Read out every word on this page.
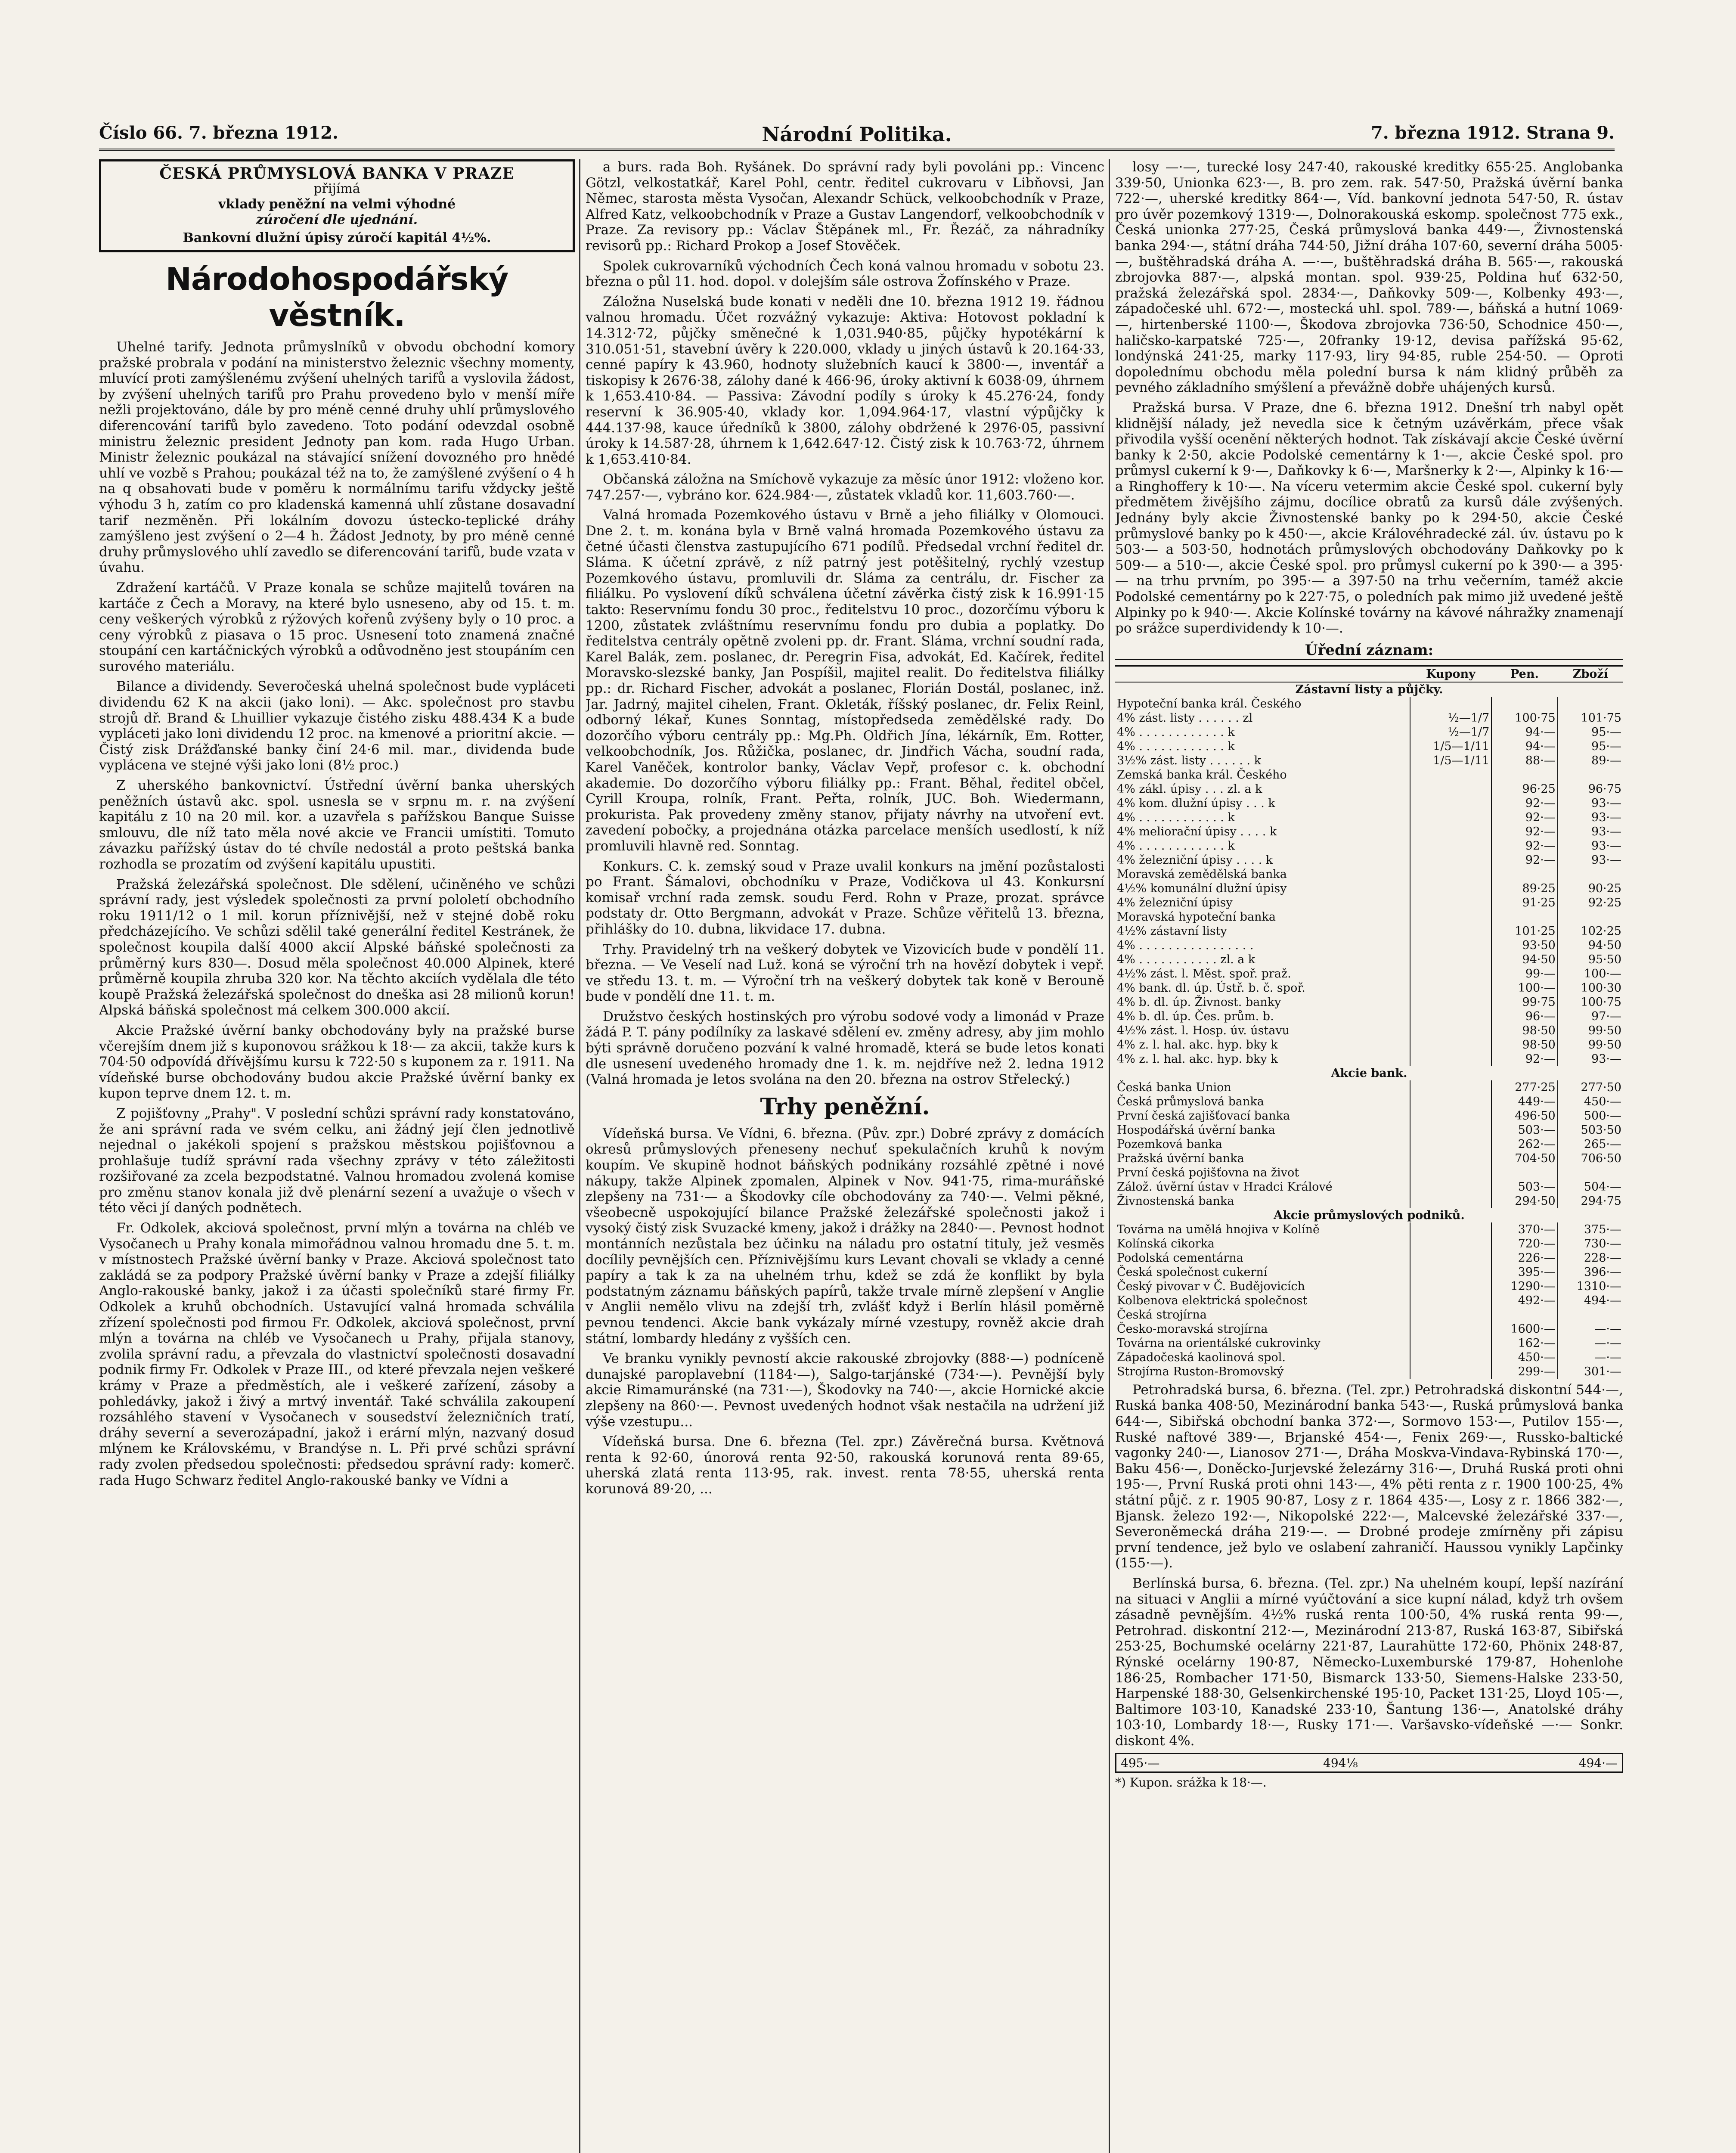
Číslo 66. 7. března 1912.	Národní Politika.	7. března 1912. Strana 9.
ČESKÁ PRŮMYSLOVÁ BANKA V PRAZE
přijímá
vklady peněžní na velmi výhodné
zúročení dle ujednání.
Bankovní dlužní úpisy zúročí kapitál 4½%.
Národohospodářský věstník.

Uhelné tarify. Jednota průmyslníků v obvodu obchodní komory pražské probrala v podání na ministerstvo železnic všechny momenty, mluvící proti zamýšlenému zvýšení uhelných tarifů a vyslovila žádost, by zvýšení uhelných tarifů pro Prahu provedeno bylo v menší míře nežli projektováno, dále by pro méně cenné druhy uhlí průmyslového diferencování tarifů bylo zavedeno. Toto podání odevzdal osobně ministru železnic president Jednoty pan kom. rada Hugo Urban. Ministr železnic poukázal na stávající snížení dovozného pro hnědé uhlí ve vozbě s Prahou; poukázal též na to, že zamýšlené zvýšení o 4 h na q obsahovati bude v poměru k normálnímu tarifu vždycky ještě výhodu 3 h, zatím co pro kladenská kamenná uhlí zůstane dosavadní tarif nezměněn. Při lokálním dovozu ústecko-teplické dráhy zamýšleno jest zvýšení o 2—4 h. Žádost Jednoty, by pro méně cenné druhy průmyslového uhlí zavedlo se diferencování tarifů, bude vzata v úvahu.

Zdražení kartáčů. V Praze konala se schůze majitelů továren na kartáče z Čech a Moravy, na které bylo usneseno, aby od 15. t. m. ceny veškerých výrobků z rýžových kořenů zvýšeny byly o 10 proc. a ceny výrobků z piasava o 15 proc. Usnesení toto znamená značné stoupání cen kartáčnických výrobků a odůvodněno jest stoupáním cen surového materiálu.

Bilance a dividendy. Severočeská uhelná společnost bude vypláceti dividendu 62 K na akcii (jako loni). — Akc. společnost pro stavbu strojů dř. Brand & Lhuillier vykazuje čistého zisku 488.434 K a bude vypláceti jako loni dividendu 12 proc. na kmenové a prioritní akcie. — Čistý zisk Drážďanské banky činí 24·6 mil. mar., dividenda bude vyplácena ve stejné výši jako loni (8½ proc.)

Z uherského bankovnictví. Ústřední úvěrní banka uherských peněžních ústavů akc. spol. usnesla se v srpnu m. r. na zvýšení kapitálu z 10 na 20 mil. kor. a uzavřela s pařížskou Banque Suisse smlouvu, dle níž tato měla nové akcie ve Francii umístiti. Tomuto závazku pařížský ústav do té chvíle nedostál a proto peštská banka rozhodla se prozatím od zvýšení kapitálu upustiti.

Pražská železářská společnost. Dle sdělení, učiněného ve schůzi správní rady, jest výsledek společnosti za první pololetí obchodního roku 1911/12 o 1 mil. korun příznivější, než v stejné době roku předcházejícího. Ve schůzi sdělil také generální ředitel Kestránek, že společnost koupila další 4000 akcií Alpské báňské společnosti za průměrný kurs 830—. Dosud měla společnost 40.000 Alpinek, které průměrně koupila zhruba 320 kor. Na těchto akciích vydělala dle této koupě Pražská železářská společnost do dneška asi 28 milionů korun! Alpská báňská společnost má celkem 300.000 akcií.

Akcie Pražské úvěrní banky obchodovány byly na pražské burse včerejším dnem již s kuponovou srážkou k 18·— za akcii, takže kurs k 704·50 odpovídá dřívějšímu kursu k 722·50 s kuponem za r. 1911. Na vídeňské burse obchodovány budou akcie Pražské úvěrní banky ex kupon teprve dnem 12. t. m.

Z pojišťovny „Prahy". V poslední schůzi správní rady konstatováno, že ani správní rada ve svém celku, ani žádný její člen jednotlivě nejednal o jakékoli spojení s pražskou městskou pojišťovnou a prohlašuje tudíž správní rada všechny zprávy v této záležitosti rozšiřované za zcela bezpodstatné. Valnou hromadou zvolená komise pro změnu stanov konala již dvě plenární sezení a uvažuje o všech v této věci jí daných podnětech.

Fr. Odkolek, akciová společnost, první mlýn a továrna na chléb ve Vysočanech u Prahy konala mimořádnou valnou hromadu dne 5. t. m. v místnostech Pražské úvěrní banky v Praze. Akciová společnost tato zakládá se za podpory Pražské úvěrní banky v Praze a zdejší filiálky Anglo-rakouské banky, jakož i za účasti společníků staré firmy Fr. Odkolek a kruhů obchodních. Ustavující valná hromada schválila zřízení společnosti pod firmou Fr. Odkolek, akciová společnost, první mlýn a továrna na chléb ve Vysočanech u Prahy, přijala stanovy, zvolila správní radu, a převzala do vlastnictví společnosti dosavadní podnik firmy Fr. Odkolek v Praze III., od které převzala nejen veškeré krámy v Praze a předměstích, ale i veškeré zařízení, zásoby a pohledávky, jakož i živý a mrtvý inventář. Také schválila zakoupení rozsáhlého stavení v Vysočanech v sousedství železničních tratí, dráhy severní a severozápadní, jakož i erární mlýn, nazvaný dosud mlýnem ke Královskému, v Brandýse n. L. Při prvé schůzi správní rady zvolen předsedou společnosti: předsedou správní rady: komerč. rada Hugo Schwarz ředitel Anglo-rakouské banky ve Vídni a

a burs. rada Boh. Ryšánek. Do správní rady byli povoláni pp.: Vincenc Götzl, velkostatkář, Karel Pohl, centr. ředitel cukrovaru v Libňovsi, Jan Němec, starosta města Vysočan, Alexandr Schück, velkoobchodník v Praze, Alfred Katz, velkoobchodník v Praze a Gustav Langendorf, velkoobchodník v Praze. Za revisory pp.: Václav Štěpánek ml., Fr. Řezáč, za náhradníky revisorů pp.: Richard Prokop a Josef Stověček.

Spolek cukrovarníků východních Čech koná valnou hromadu v sobotu 23. března o půl 11. hod. dopol. v dolejším sále ostrova Žofínského v Praze.

Záložna Nuselská bude konati v neděli dne 10. března 1912 19. řádnou valnou hromadu. Účet rozvážný vykazuje: Aktiva: Hotovost pokladní k 14.312·72, půjčky směnečné k 1,031.940·85, půjčky hypotékární k 310.051·51, stavební úvěry k 220.000, vklady u jiných ústavů k 20.164·33, cenné papíry k 43.960, hodnoty služebních kaucí k 3800·—, inventář a tiskopisy k 2676·38, zálohy dané k 466·96, úroky aktivní k 6038·09, úhrnem k 1,653.410·84. — Passiva: Závodní podíly s úroky k 45.276·24, fondy reservní k 36.905·40, vklady kor. 1,094.964·17, vlastní výpůjčky k 444.137·98, kauce úředníků k 3800, zálohy obdržené k 2976·05, passivní úroky k 14.587·28, úhrnem k 1,642.647·12. Čistý zisk k 10.763·72, úhrnem k 1,653.410·84.

Občanská záložna na Smíchově vykazuje za měsíc únor 1912: vloženo kor. 747.257·—, vybráno kor. 624.984·—, zůstatek vkladů kor. 11,603.760·—.

Valná hromada Pozemkového ústavu v Brně a jeho filiálky v Olomouci. Dne 2. t. m. konána byla v Brně valná hromada Pozemkového ústavu za četné účasti členstva zastupujícího 671 podílů. Předsedal vrchní ředitel dr. Sláma. K účetní zprávě, z níž patrný jest potěšitelný, rychlý vzestup Pozemkového ústavu, promluvili dr. Sláma za centrálu, dr. Fischer za filiálku. Po vyslovení díků schválena účetní závěrka čistý zisk k 16.991·15 takto: Reservnímu fondu 30 proc., ředitelstvu 10 proc., dozorčímu výboru k 1200, zůstatek zvláštnímu reservnímu fondu pro dubia a poplatky. Do ředitelstva centrály opětně zvoleni pp. dr. Frant. Sláma, vrchní soudní rada, Karel Balák, zem. poslanec, dr. Peregrin Fisa, advokát, Ed. Kačírek, ředitel Moravsko-slezské banky, Jan Pospíšil, majitel realit. Do ředitelstva filiálky pp.: dr. Richard Fischer, advokát a poslanec, Florián Dostál, poslanec, inž. Jar. Jadrný, majitel cihelen, Frant. Okleták, říšský poslanec, dr. Felix Reinl, odborný lékař, Kunes Sonntag, místopředseda zemědělské rady. Do dozorčího výboru centrály pp.: Mg.Ph. Oldřich Jína, lékárník, Em. Rotter, velkoobchodník, Jos. Růžička, poslanec, dr. Jindřich Vácha, soudní rada, Karel Vaněček, kontrolor banky, Václav Vepř, profesor c. k. obchodní akademie. Do dozorčího výboru filiálky pp.: Frant. Běhal, ředitel občel, Cyrill Kroupa, rolník, Frant. Peřta, rolník, JUC. Boh. Wiedermann, prokurista. Pak provedeny změny stanov, přijaty návrhy na utvoření evt. zavedení pobočky, a projednána otázka parcelace menších usedlostí, k níž promluvili hlavně red. Sonntag.

Konkurs. C. k. zemský soud v Praze uvalil konkurs na jmění pozůstalosti po Frant. Šámalovi, obchodníku v Praze, Vodičkova ul 43. Konkursní komisař vrchní rada zemsk. soudu Ferd. Rohn v Praze, prozat. správce podstaty dr. Otto Bergmann, advokát v Praze. Schůze věřitelů 13. března, přihlášky do 10. dubna, likvidace 17. dubna.

Trhy. Pravidelný trh na veškerý dobytek ve Vizovicích bude v pondělí 11. března. — Ve Veselí nad Luž. koná se výroční trh na hovězí dobytek i vepř. ve středu 13. t. m. — Výroční trh na veškerý dobytek tak koně v Berouně bude v pondělí dne 11. t. m.

Družstvo českých hostinských pro výrobu sodové vody a limonád v Praze žádá P. T. pány podílníky za laskavé sdělení ev. změny adresy, aby jim mohlo býti správně doručeno pozvání k valné hromadě, která se bude letos konati dle usnesení uvedeného hromady dne 1. k. m. nejdříve než 2. ledna 1912 (Valná hromada je letos svolána na den 20. března na ostrov Střelecký.)

Trhy peněžní.

Vídeňská bursa. Ve Vídni, 6. března. (Pův. zpr.) Dobré zprávy z domácích okresů průmyslových přeneseny nechuť spekulačních kruhů k novým koupím. Ve skupině hodnot báňských podnikány rozsáhlé zpětné i nové nákupy, takže Alpinek zpomalen, Alpinek v Nov. 941·75, rima-muráňské zlepšeny na 731·— a Škodovky cíle obchodovány za 740·—. Velmi pěkné, všeobecně uspokojující bilance Pražské železářské společnosti jakož i vysoký čistý zisk Svuzacké kmeny, jakož i drážky na 2840·—. Pevnost hodnot montánních nezůstala bez účinku na náladu pro ostatní tituly, jež vesměs docílily pevnějších cen. Příznivějšímu kurs Levant chovali se vklady a cenné papíry a tak k za na uhelném trhu, kdež se zdá že konflikt by byla podstatným záznamu báňských papírů, takže trvale mírně zlepšení v Anglie v Anglii nemělo vlivu na zdejší trh, zvlášť když i Berlín hlásil poměrně pevnou tendenci. Akcie bank vykázaly mírné vzestupy, rovněž akcie drah státní, lombardy hledány z vyšších cen.

Ve branku vynikly pevností akcie rakouské zbrojovky (888·—) podníceně dunajské paroplavební (1184·—), Salgo-tarjánské (734·—). Pevnější byly akcie Rimamuránské (na 731·—), Škodovky na 740·—, akcie Hornické akcie zlepšeny na 860·—. Pevnost uvedených hodnot však nestačila na udržení již výše vzestupu...

Vídeňská bursa. Dne 6. března (Tel. zpr.) Závěrečná bursa. Květnová renta k 92·60, únorová renta 92·50, rakouská korunová renta 89·65, uherská zlatá renta 113·95, rak. invest. renta 78·55, uherská renta korunová 89·20, ...

losy —·—, turecké losy 247·40, rakouské kreditky 655·25. Anglobanka 339·50, Unionka 623·—, B. pro zem. rak. 547·50, Pražská úvěrní banka 722·—, uherské kreditky 864·—, Víd. bankovní jednota 547·50, R. ústav pro úvěr pozemkový 1319·—, Dolnorakouská eskomp. společnost 775 exk., Česká unionka 277·25, Česká průmyslová banka 449·—, Živnostenská banka 294·—, státní dráha 744·50, Jižní dráha 107·60, severní dráha 5005·—, buštěhradská dráha A. —·—, buštěhradská dráha B. 565·—, rakouská zbrojovka 887·—, alpská montan. spol. 939·25, Poldina huť 632·50, pražská železářská spol. 2834·—, Daňkovky 509·—, Kolbenky 493·—, západočeské uhl. 672·—, mostecká uhl. spol. 789·—, báňská a hutní 1069·—, hirtenberské 1100·—, Škodova zbrojovka 736·50, Schodnice 450·—, haličsko-karpatské 725·—, 20franky 19·12, devisa pařížská 95·62, londýnská 241·25, marky 117·93, liry 94·85, ruble 254·50. — Oproti dopolednímu obchodu měla polední bursa k nám klidný průběh za pevného základního smýšlení a převážně dobře uhájených kursů.

Pražská bursa. V Praze, dne 6. března 1912. Dnešní trh nabyl opět klidnější nálady, jež nevedla sice k četným uzávěrkám, přece však přivodila vyšší ocenění některých hodnot. Tak získávají akcie České úvěrní banky k 2·50, akcie Podolské cementárny k 1·—, akcie České spol. pro průmysl cukerní k 9·—, Daňkovky k 6·—, Maršnerky k 2·—, Alpinky k 16·— a Ringhoffery k 10·—. Na víceru vetermim akcie České spol. cukerní byly předmětem živějšího zájmu, docílice obratů za kursů dále zvýšených. Jednány byly akcie Živnostenské banky po k 294·50, akcie České průmyslové banky po k 450·—, akcie Královéhradecké zál. úv. ústavu po k 503·— a 503·50, hodnotách průmyslových obchodovány Daňkovky po k 509·— a 510·—, akcie České spol. pro průmysl cukerní po k 390·— a 395·— na trhu prvním, po 395·— a 397·50 na trhu večerním, taméž akcie Podolské cementárny po k 227·75, o poledních pak mimo již uvedené ještě Alpinky po k 940·—. Akcie Kolínské továrny na kávové náhražky znamenají po srážce superdividendy k 10·—.

Úřední záznam:
	Kupony	Pen.	Zboží
Zástavní listy a půjčky.			
Hypoteční banka král. Českého			
4% zást. listy . . . . . . zl	½—1/7	100·75	101·75
4% . . . . . . . . . . . . k	½—1/7	94·—	95·—
4% . . . . . . . . . . . . k	1/5—1/11	94·—	95·—
3½% zást. listy . . . . . . k	1/5—1/11	88·—	89·—
Zemská banka král. Českého			
4% zákl. úpisy . . . zl. a k		96·25	96·75
4% kom. dlužní úpisy . . . k		92·—	93·—
4% . . . . . . . . . . . . k		92·—	93·—
4% meliorační úpisy . . . . k		92·—	93·—
4% . . . . . . . . . . . . k		92·—	93·—
4% železniční úpisy . . . . k		92·—	93·—
Moravská zemědělská banka			
4½% komunální dlužní úpisy		89·25	90·25
4% železniční úpisy		91·25	92·25
Moravská hypoteční banka			
4½% zástavní listy		101·25	102·25
4% . . . . . . . . . . . . . . . .		93·50	94·50
4% . . . . . . . . . . . zl. a k		94·50	95·50
4½% zást. l. Měst. spoř. praž.		99·—	100·—
4% bank. dl. úp. Ústř. b. č. spoř.		100·—	100·30
4% b. dl. úp. Živnost. banky		99·75	100·75
4% b. dl. úp. Čes. prům. b.		96·—	97·—
4½% zást. l. Hosp. úv. ústavu		98·50	99·50
4% z. l. hal. akc. hyp. bky k		98·50	99·50
4% z. l. hal. akc. hyp. bky k		92·—	93·—
Akcie bank.			
Česká banka Union		277·25	277·50
Česká průmyslová banka		449·—	450·—
První česká zajišťovací banka		496·50	500·—
Hospodářská úvěrní banka		503·—	503·50
Pozemková banka		262·—	265·—
Pražská úvěrní banka		704·50	706·50
První česká pojišťovna na život			
Zálož. úvěrní ústav v Hradci Králové		503·—	504·—
Živnostenská banka		294·50	294·75
Akcie průmyslových podniků.			
Továrna na umělá hnojiva v Kolíně		370·—	375·—
Kolínská cikorka		720·—	730·—
Podolská cementárna		226·—	228·—
Česká společnost cukerní		395·—	396·—
Český pivovar v Č. Budějovicích		1290·—	1310·—
Kolbenova elektrická společnost		492·—	494·—
Česká strojírna			
Česko-moravská strojírna		1600·—	—·—
Továrna na orientálské cukrovinky		162·—	—·—
Západočeská kaolinová spol.		450·—	—·—
Strojírna Ruston-Bromovský		299·—	301·—

Petrohradská bursa, 6. března. (Tel. zpr.) Petrohradská diskontní 544·—, Ruská banka 408·50, Mezinárodní banka 543·—, Ruská průmyslová banka 644·—, Sibiřská obchodní banka 372·—, Sormovo 153·—, Putilov 155·—, Ruské naftové 389·—, Brjanské 454·—, Fenix 269·—, Russko-baltické vagonky 240·—, Lianosov 271·—, Dráha Moskva-Vindava-Rybinská 170·—, Baku 456·—, Doněcko-Jurjevské železárny 316·—, Druhá Ruská proti ohni 195·—, První Ruská proti ohni 143·—, 4% pěti renta z r. 1900 100·25, 4% státní půjč. z r. 1905 90·87, Losy z r. 1864 435·—, Losy z r. 1866 382·—, Bjansk. železo 192·—, Nikopolské 222·—, Malcevské železářské 337·—, Severoněmecká dráha 219·—. — Drobné prodeje zmírněny při zápisu první tendence, jež bylo ve oslabení zahraničí. Haussou vynikly Lapčinky (155·—).

Berlínská bursa, 6. března. (Tel. zpr.) Na uhelném koupí, lepší nazírání na situaci v Anglii a mírné vyúčtování a sice kupní nálad, když trh ovšem zásadně pevnějším. 4½% ruská renta 100·50, 4% ruská renta 99·—, Petrohrad. diskontní 212·—, Mezinárodní 213·87, Ruská 163·87, Sibiřská 253·25, Bochumské ocelárny 221·87, Laurahütte 172·60, Phönix 248·87, Rýnské ocelárny 190·87, Německo-Luxemburské 179·87, Hohenlohe 186·25, Rombacher 171·50, Bismarck 133·50, Siemens-Halske 233·50, Harpenské 188·30, Gelsenkirchenské 195·10, Packet 131·25, Lloyd 105·—, Baltimore 103·10, Kanadské 233·10, Šantung 136·—, Anatolské dráhy 103·10, Lombardy 18·—, Rusky 171·—. Varšavsko-vídeňské —·— Sonkr. diskont 4%.

495·—	494⅛	494·—
*) Kupon. srážka k 18·—.
